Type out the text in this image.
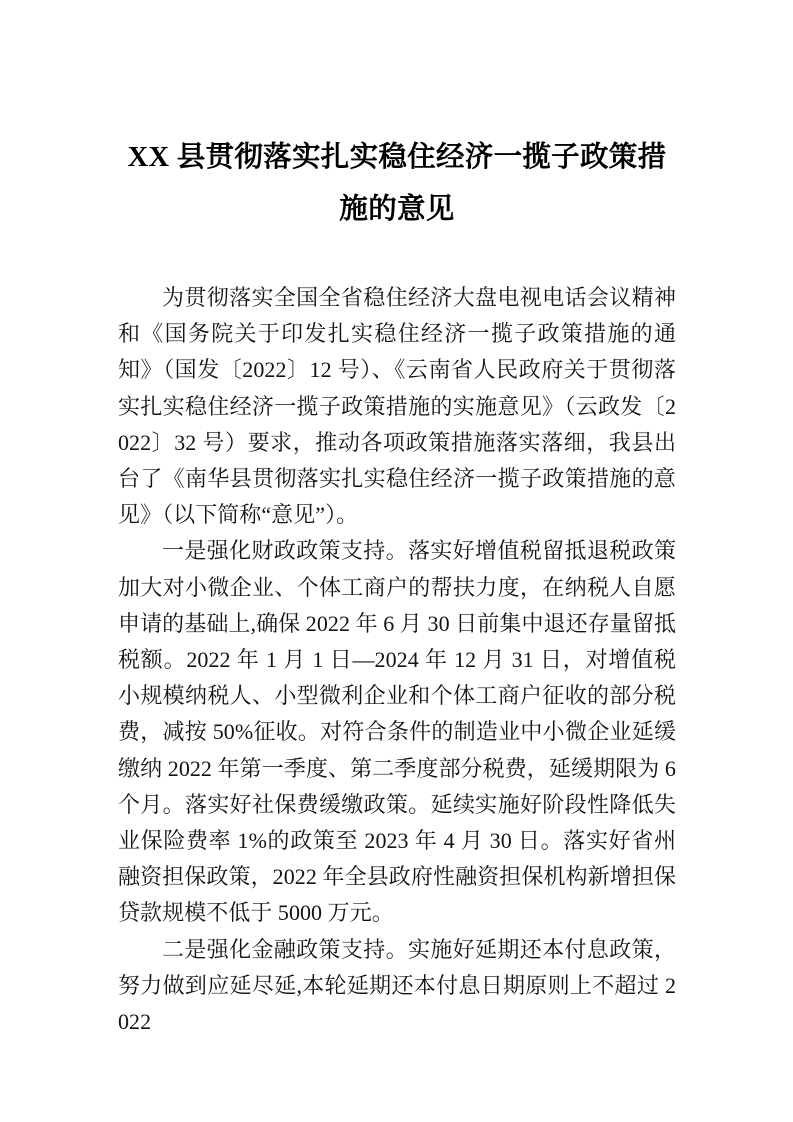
XX 县贯彻落实扎实稳住经济一揽子政策措 施的意见

为贯彻落实全国全省稳住经济大盘电视电话会议精神和《国务院关于印发扎实稳住经济一揽子政策措施的通知》（国发〔2022〕12 号）、《云南省人民政府关于贯彻落实扎实稳住经济一揽子政策措施的实施意见》（云政发〔2022〕32 号）要求，推动各项政策措施落实落细，我县出台了《南华县贯彻落实扎实稳住经济一揽子政策措施的意见》（以下简称“意见”）。

一是强化财政政策支持。落实好增值税留抵退税政策加大对小微企业、个体工商户的帮扶力度，在纳税人自愿申请的基础上,确保 2022 年 6 月 30 日前集中退还存量留抵税额。2022 年 1 月 1 日—2024 年 12 月 31 日，对增值税小规模纳税人、小型微利企业和个体工商户征收的部分税费，减按 50%征收。对符合条件的制造业中小微企业延缓缴纳 2022 年第一季度、第二季度部分税费，延缓期限为 6 个月。落实好社保费缓缴政策。延续实施好阶段性降低失业保险费率 1%的政策至 2023 年 4 月 30 日。落实好省州融资担保政策，2022 年全县政府性融资担保机构新增担保贷款规模不低于 5000 万元。

二是强化金融政策支持。实施好延期还本付息政策，努力做到应延尽延,本轮延期还本付息日期原则上不超过 2022
